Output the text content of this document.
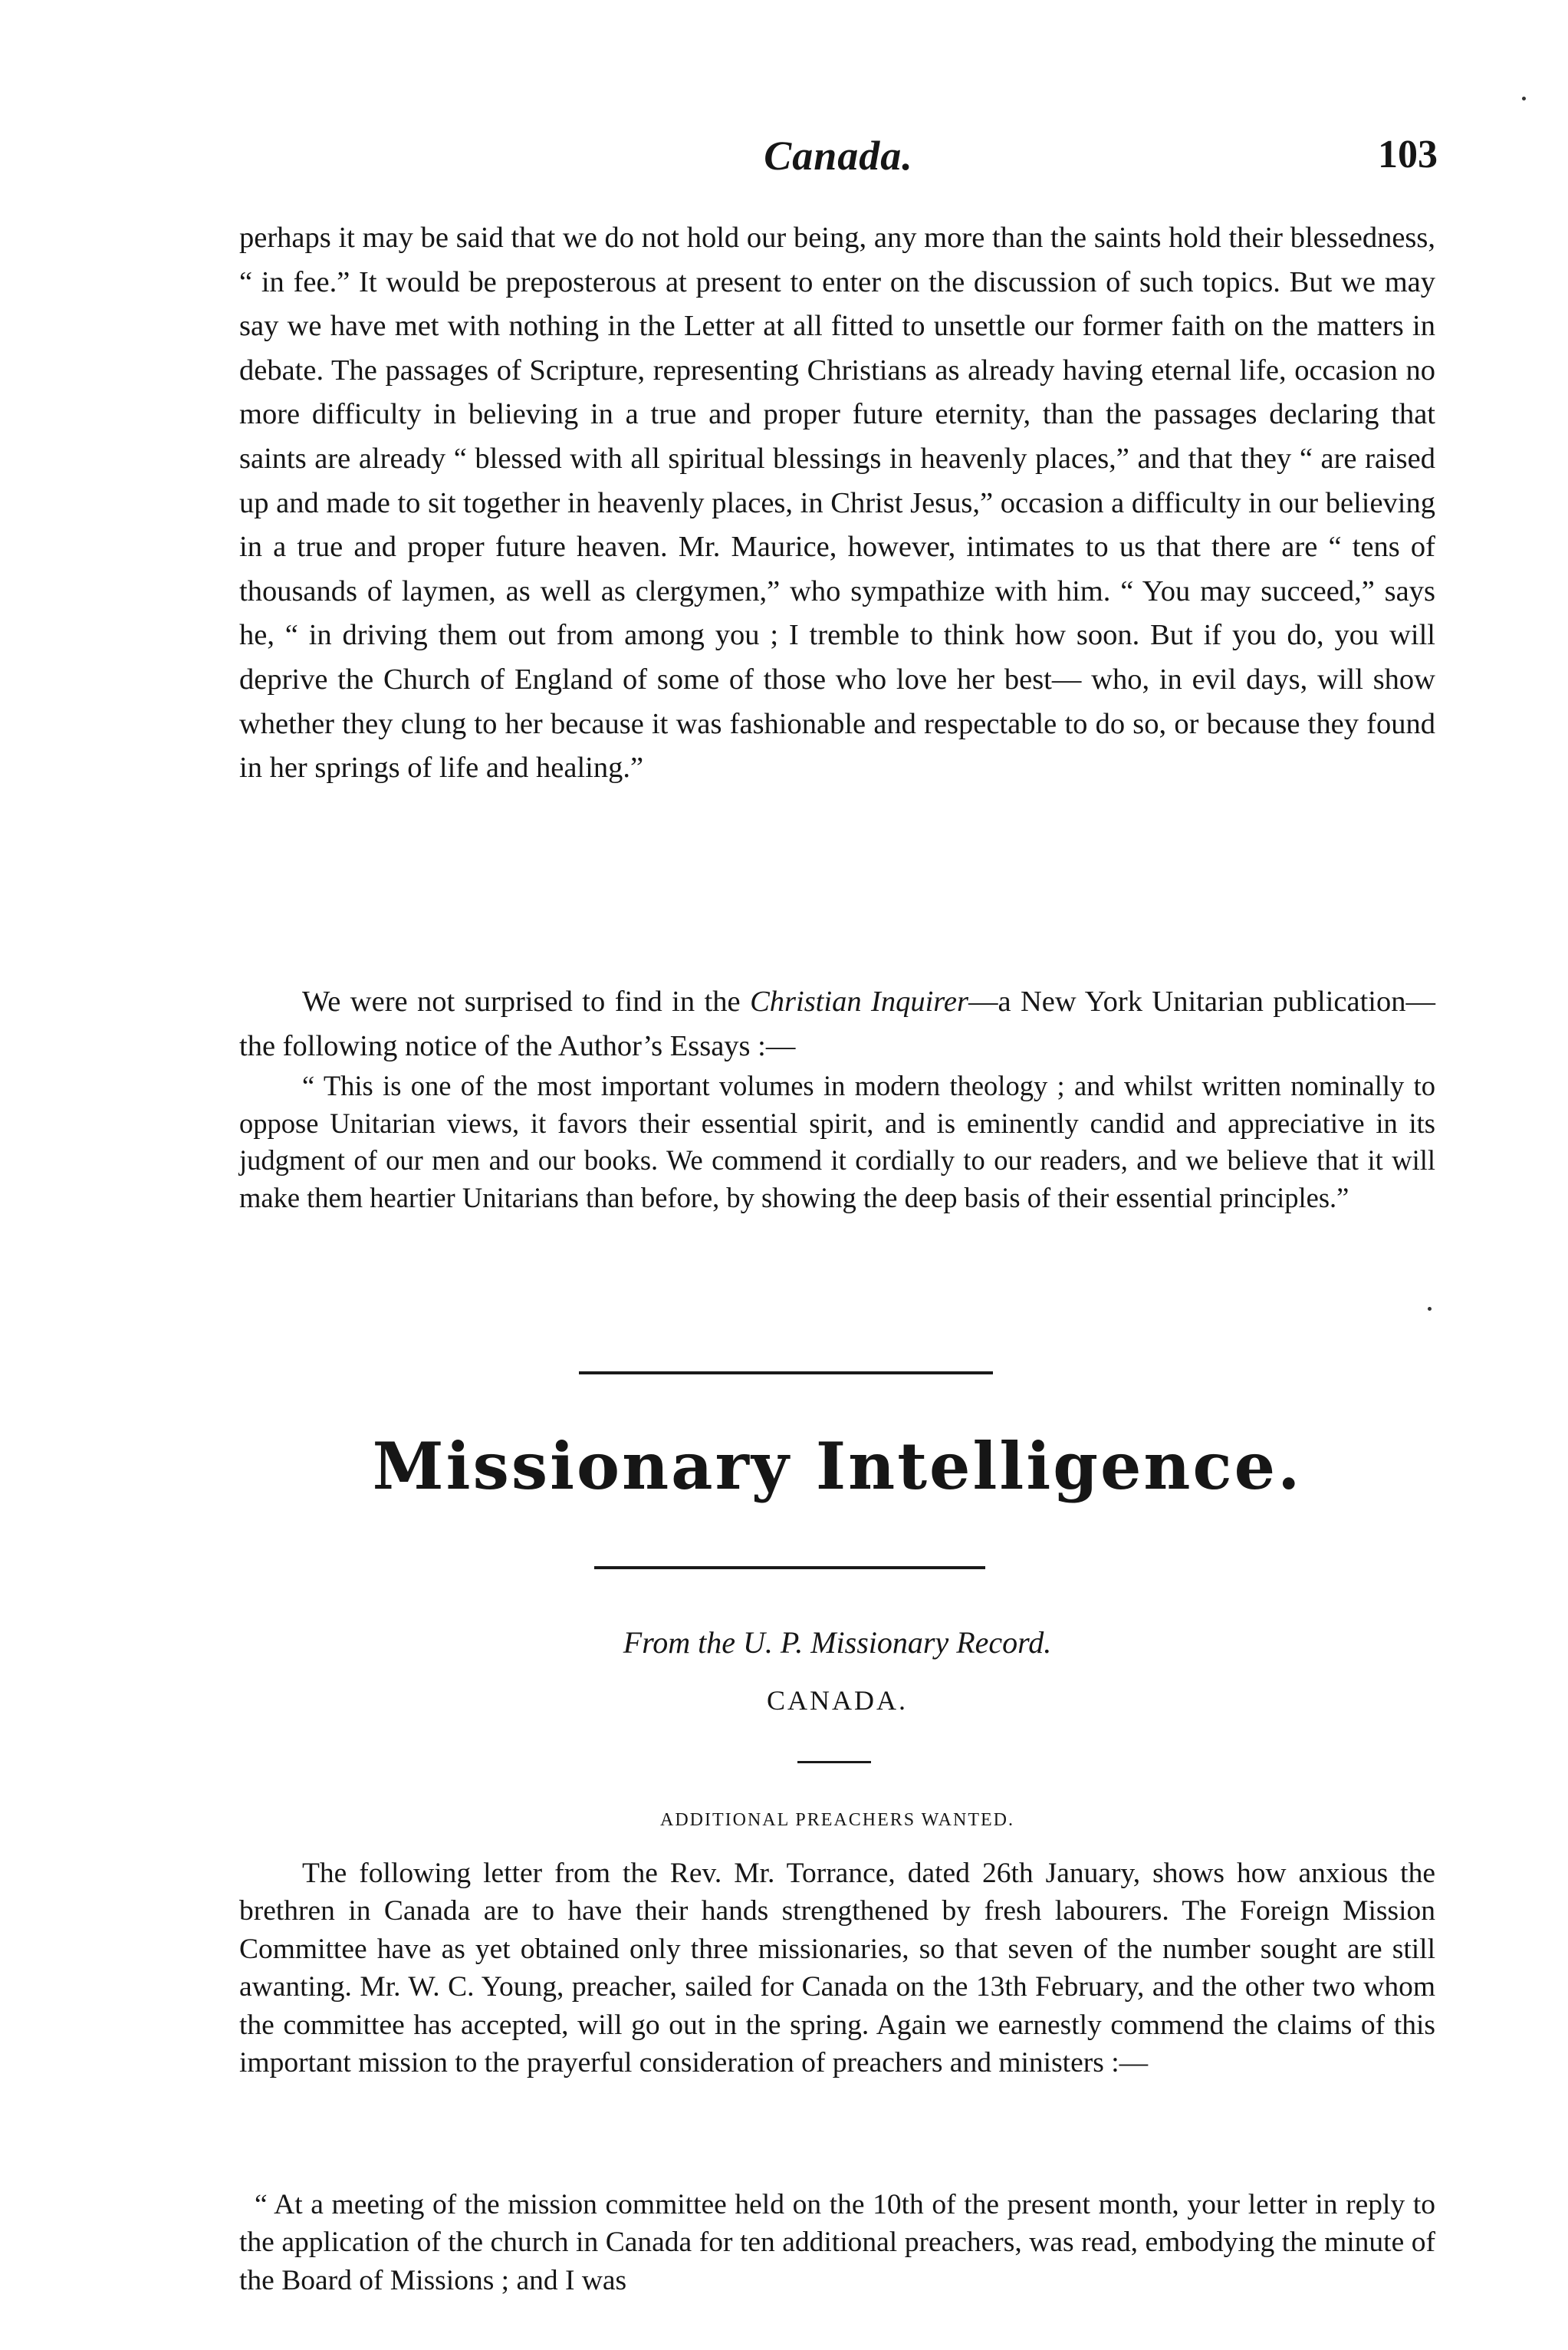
Canada.	103

perhaps it may be said that we do not hold our being, any more than the saints hold their blessedness, “ in fee.” It would be preposterous at present to enter on the discussion of such topics. But we may say we have met with nothing in the Letter at all fitted to unsettle our former faith on the matters in debate. The passages of Scripture, representing Christians as already having eternal life, occasion no more difficulty in believing in a true and proper future eternity, than the passages declaring that saints are already “ blessed with all spiritual blessings in heavenly places,” and that they “ are raised up and made to sit together in heavenly places, in Christ Jesus,” occasion a difficulty in our believing in a true and proper future heaven. Mr. Maurice, however, intimates to us that there are “ tens of thousands of laymen, as well as clergymen,” who sympathize with him. “ You may succeed,” says he, “ in driving them out from among you ; I tremble to think how soon. But if you do, you will deprive the Church of England of some of those who love her best— who, in evil days, will show whether they clung to her because it was fashionable and respectable to do so, or because they found in her springs of life and healing.”

We were not surprised to find in the Christian Inquirer—a New York Unitarian publication—the following notice of the Author’s Essays :—

“ This is one of the most important volumes in modern theology ; and whilst written nominally to oppose Unitarian views, it favors their essential spirit, and is eminently candid and appreciative in its judgment of our men and our books. We commend it cordially to our readers, and we believe that it will make them heartier Unitarians than before, by showing the deep basis of their essential principles.”

Missionary Intelligence.
From the U. P. Missionary Record.
CANADA.
ADDITIONAL PREACHERS WANTED.

The following letter from the Rev. Mr. Torrance, dated 26th January, shows how anxious the brethren in Canada are to have their hands strengthened by fresh labourers. The Foreign Mission Committee have as yet obtained only three missionaries, so that seven of the number sought are still awanting. Mr. W. C. Young, preacher, sailed for Canada on the 13th February, and the other two whom the committee has accepted, will go out in the spring. Again we earnestly commend the claims of this important mission to the prayerful consideration of preachers and ministers :—

“ At a meeting of the mission committee held on the 10th of the present month, your letter in reply to the application of the church in Canada for ten additional preachers, was read, embodying the minute of the Board of Missions ; and I was
